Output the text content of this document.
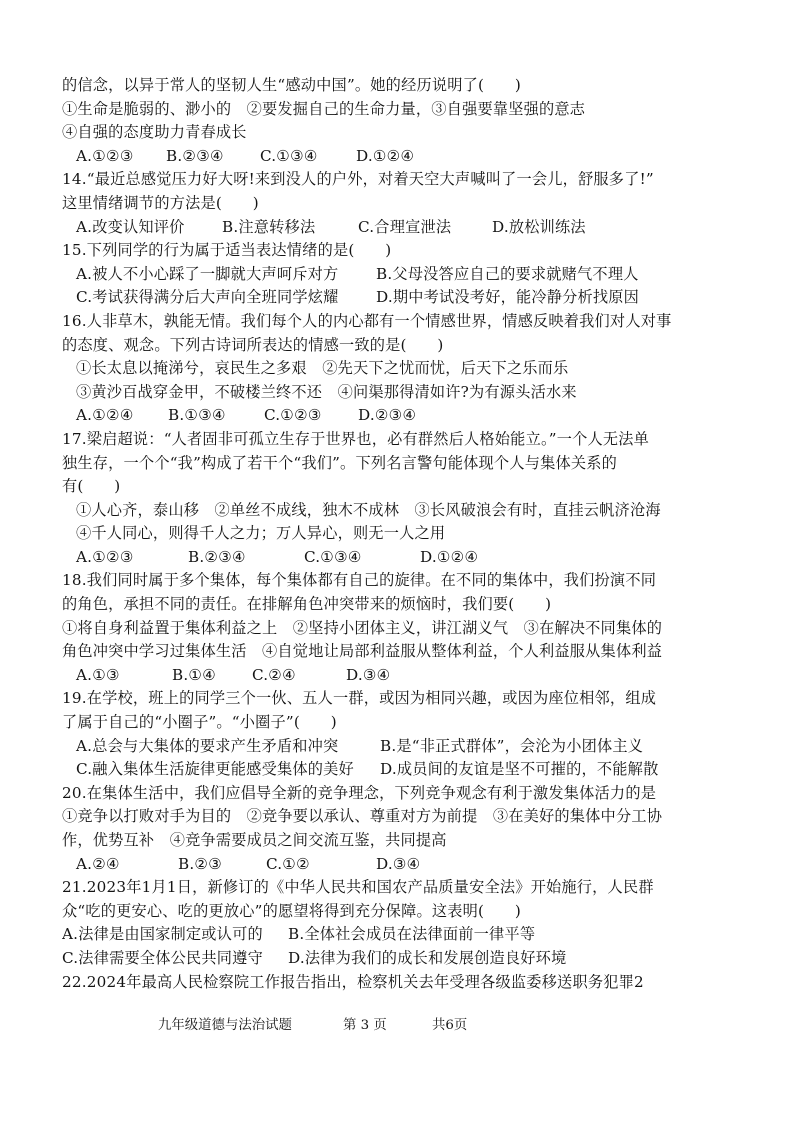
的信念，以异于常人的坚韧人生“感动中国”。她的经历说明了(　　)
①生命是脆弱的、渺小的　②要发掘自己的生命力量，③自强要靠坚强的意志
④自强的态度助力青春成长
A.①②③	B.②③④	C.①③④	D.①②④
14.“最近总感觉压力好大呀!来到没人的户外，对着天空大声喊叫了一会儿，舒服多了!”
这里情绪调节的方法是(　　)
A.改变认知评价	B.注意转移法	C.合理宣泄法	D.放松训练法
15.下列同学的行为属于适当表达情绪的是(　　)
A.被人不小心踩了一脚就大声呵斥对方	B.父母没答应自己的要求就赌气不理人
C.考试获得满分后大声向全班同学炫耀	D.期中考试没考好，能冷静分析找原因
16.人非草木，孰能无情。我们每个人的内心都有一个情感世界，情感反映着我们对人对事
的态度、观念。下列古诗词所表达的情感一致的是(　　)
①长太息以掩涕兮，哀民生之多艰　②先天下之忧而忧，后天下之乐而乐
③黄沙百战穿金甲，不破楼兰终不还　④问渠那得清如许?为有源头活水来
A.①②④	B.①③④	C.①②③	D.②③④
17.梁启超说：“人者固非可孤立生存于世界也，必有群然后人格始能立。”一个人无法单
独生存，一个个“我”构成了若干个“我们”。下列名言警句能体现个人与集体关系的
有(　　)
①人心齐，泰山移　②单丝不成线，独木不成林　③长风破浪会有时，直挂云帆济沧海
④千人同心，则得千人之力；万人异心，则无一人之用
A.①②③	B.②③④	C.①③④	D.①②④
18.我们同时属于多个集体，每个集体都有自己的旋律。在不同的集体中，我们扮演不同
的角色，承担不同的责任。在排解角色冲突带来的烦恼时，我们要(　　)
①将自身利益置于集体利益之上　②坚持小团体主义，讲江湖义气　③在解决不同集体的
角色冲突中学习过集体生活　④自觉地让局部利益服从整体利益，个人利益服从集体利益
A.①③	B.①④	C.②④	D.③④
19.在学校，班上的同学三个一伙、五人一群，或因为相同兴趣，或因为座位相邻，组成
了属于自己的“小圈子”。“小圈子”(　　)
A.总会与大集体的要求产生矛盾和冲突	B.是“非正式群体”，会沦为小团体主义
C.融入集体生活旋律更能感受集体的美好	D.成员间的友谊是坚不可摧的，不能解散
20.在集体生活中，我们应倡导全新的竞争理念，下列竞争观念有利于激发集体活力的是
①竞争以打败对手为目的　②竞争要以承认、尊重对方为前提　③在美好的集体中分工协
作，优势互补　④竞争需要成员之间交流互鉴，共同提高
A.②④	B.②③	C.①②	D.③④
21.2023年1月1日，新修订的《中华人民共和国农产品质量安全法》开始施行，人民群
众“吃的更安心、吃的更放心”的愿望将得到充分保障。这表明(　　)
A.法律是由国家制定或认可的	B.全体社会成员在法律面前一律平等
C.法律需要全体公民共同遵守	D.法律为我们的成长和发展创造良好环境
22.2024年最高人民检察院工作报告指出，检察机关去年受理各级监委移送职务犯罪2
九年级道德与法治试题	第 3 页	共6页
